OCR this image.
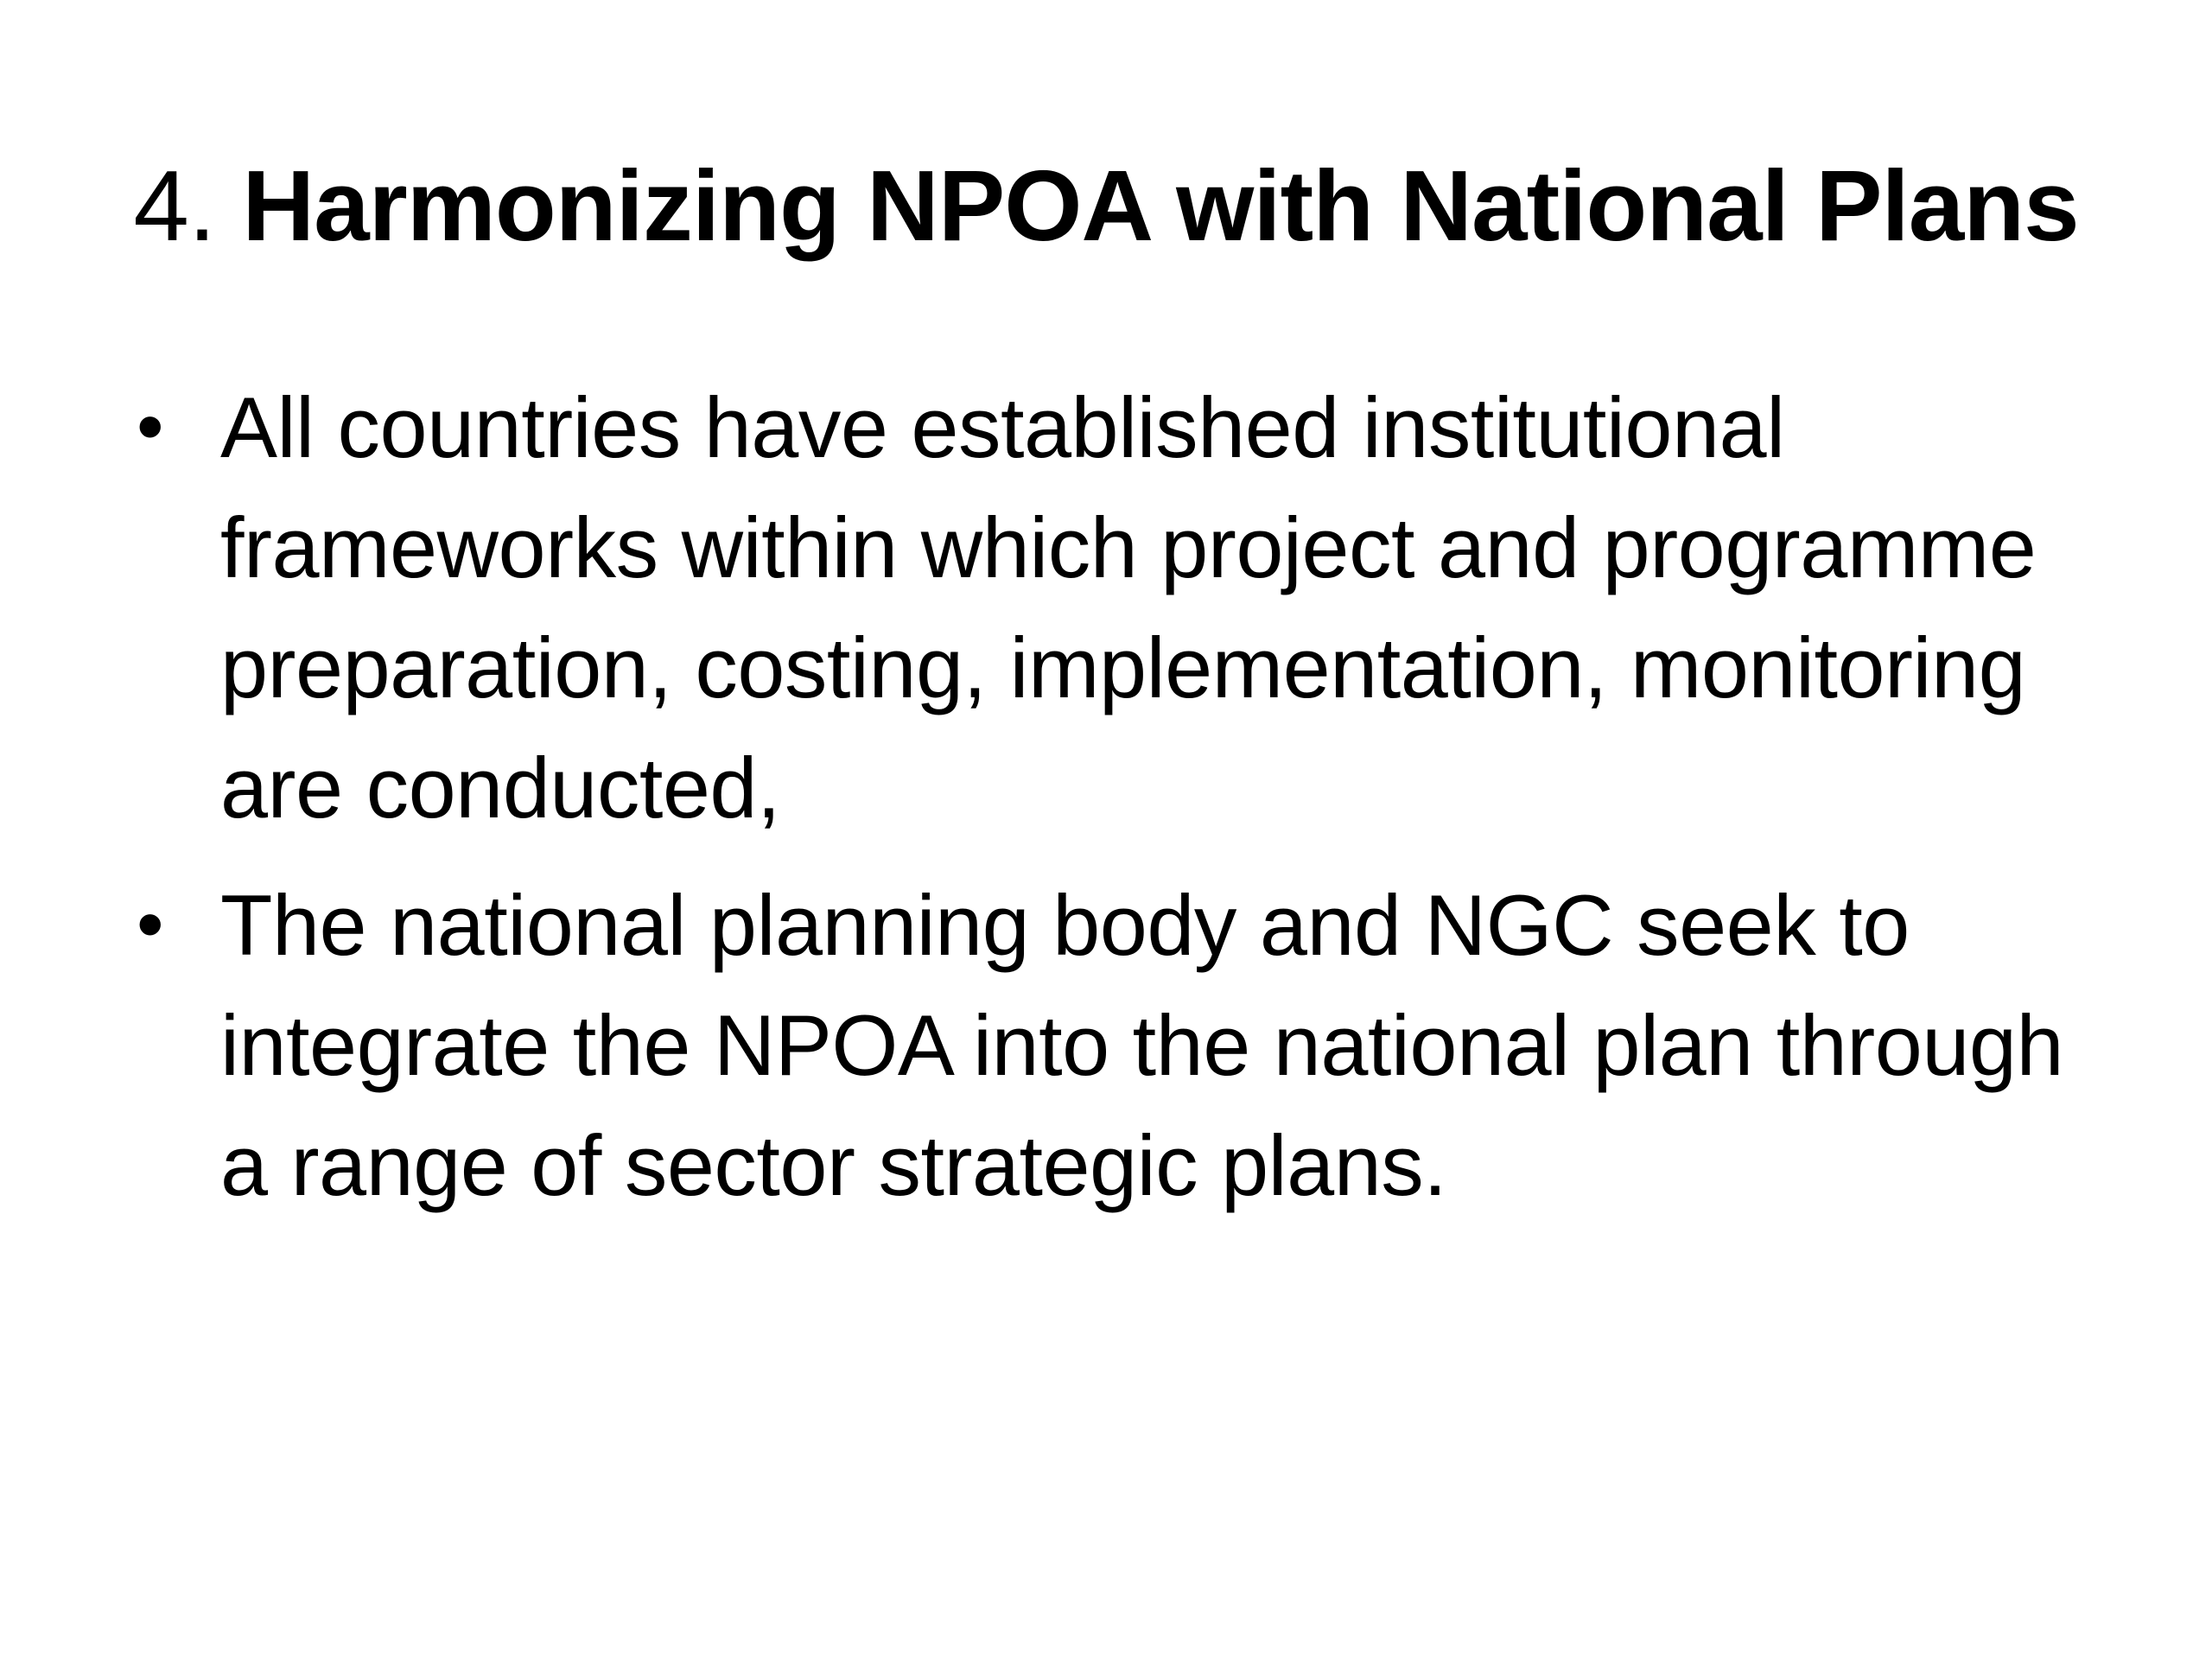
4. Harmonizing NPOA with National Plans
• All countries have established institutional frameworks within which project and programme preparation, costing, implementation, monitoring are conducted,
• The national planning body and NGC seek to integrate the NPOA into the national plan through a range of sector strategic plans.
